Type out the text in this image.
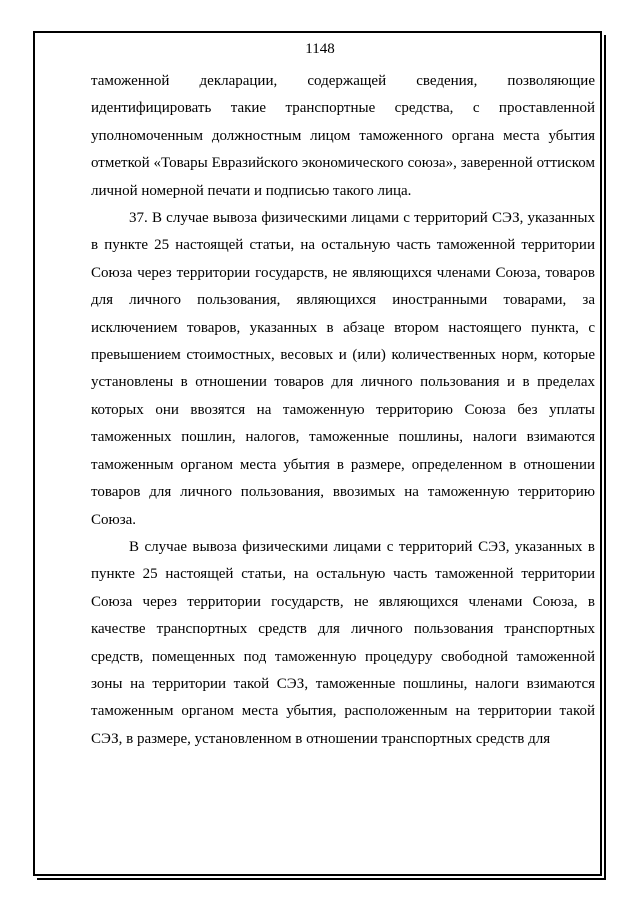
1148

таможенной декларации, содержащей сведения, позволяющие идентифицировать такие транспортные средства, с проставленной уполномоченным должностным лицом таможенного органа места убытия отметкой «Товары Евразийского экономического союза», заверенной оттиском личной номерной печати и подписью такого лица.

37. В случае вывоза физическими лицами с территорий СЭЗ, указанных в пункте 25 настоящей статьи, на остальную часть таможенной территории Союза через территории государств, не являющихся членами Союза, товаров для личного пользования, являющихся иностранными товарами, за исключением товаров, указанных в абзаце втором настоящего пункта, с превышением стоимостных, весовых и (или) количественных норм, которые установлены в отношении товаров для личного пользования и в пределах которых они ввозятся на таможенную территорию Союза без уплаты таможенных пошлин, налогов, таможенные пошлины, налоги взимаются таможенным органом места убытия в размере, определенном в отношении товаров для личного пользования, ввозимых на таможенную территорию Союза.

В случае вывоза физическими лицами с территорий СЭЗ, указанных в пункте 25 настоящей статьи, на остальную часть таможенной территории Союза через территории государств, не являющихся членами Союза, в качестве транспортных средств для личного пользования транспортных средств, помещенных под таможенную процедуру свободной таможенной зоны на территории такой СЭЗ, таможенные пошлины, налоги взимаются таможенным органом места убытия, расположенным на территории такой СЭЗ, в размере, установленном в отношении транспортных средств для
